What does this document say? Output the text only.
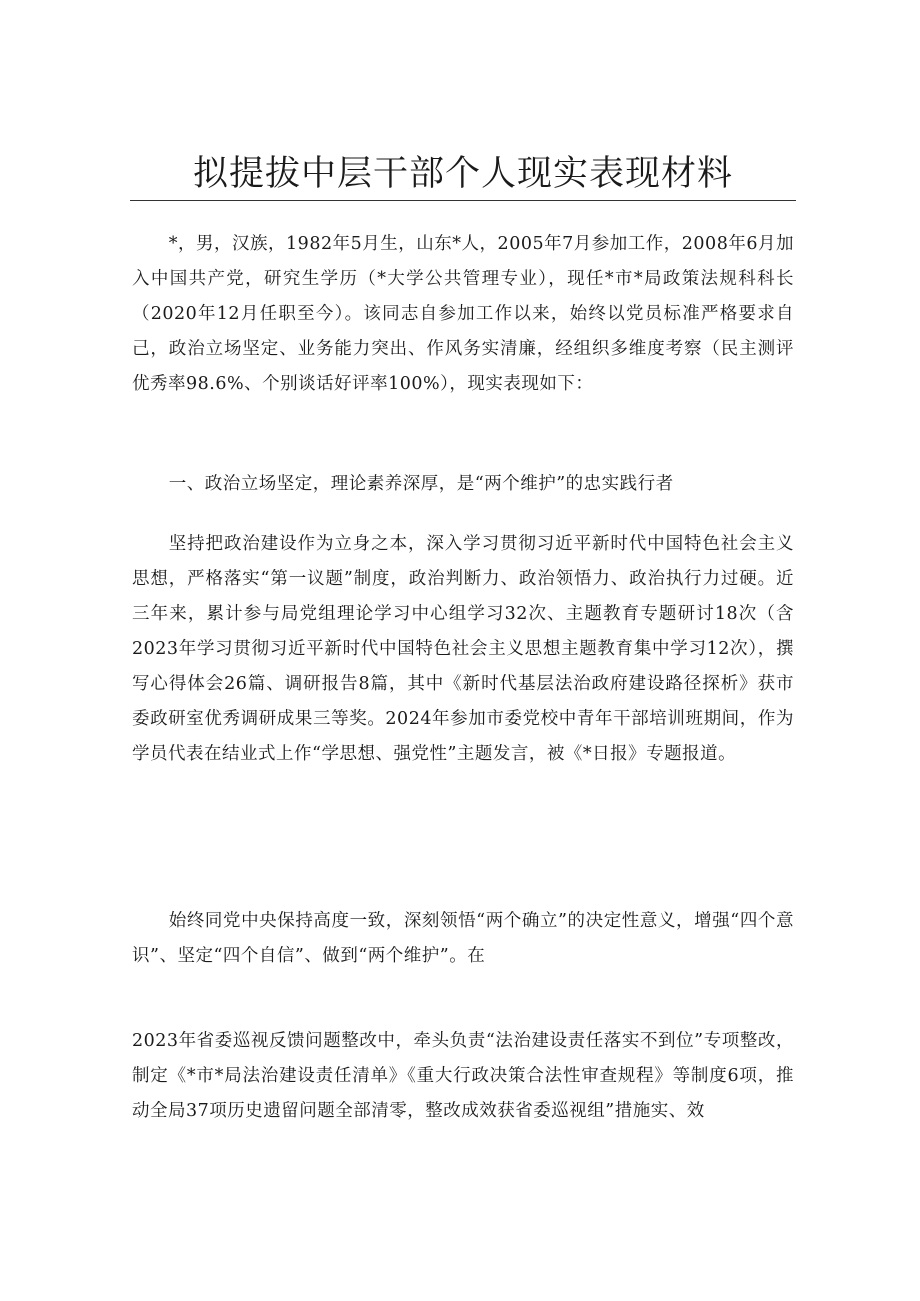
拟提拔中层干部个人现实表现材料

*，男，汉族，1982年5月生，山东*人，2005年7月参加工作，2008年6月加入中国共产党，研究生学历（*大学公共管理专业），现任*市*局政策法规科科长（2020年12月任职至今）。该同志自参加工作以来，始终以党员标准严格要求自己，政治立场坚定、业务能力突出、作风务实清廉，经组织多维度考察（民主测评优秀率98.6%、个别谈话好评率100%），现实表现如下：

一、政治立场坚定，理论素养深厚，是“两个维护”的忠实践行者

坚持把政治建设作为立身之本，深入学习贯彻习近平新时代中国特色社会主义思想，严格落实“第一议题”制度，政治判断力、政治领悟力、政治执行力过硬。近三年来，累计参与局党组理论学习中心组学习32次、主题教育专题研讨18次（含2023年学习贯彻习近平新时代中国特色社会主义思想主题教育集中学习12次），撰写心得体会26篇、调研报告8篇，其中《新时代基层法治政府建设路径探析》获市委政研室优秀调研成果三等奖。2024年参加市委党校中青年干部培训班期间，作为学员代表在结业式上作“学思想、强党性”主题发言，被《*日报》专题报道。

始终同党中央保持高度一致，深刻领悟“两个确立”的决定性意义，增强“四个意识”、坚定“四个自信”、做到“两个维护”。在

2023年省委巡视反馈问题整改中，牵头负责“法治建设责任落实不到位”专项整改，制定《*市*局法治建设责任清单》《重大行政决策合法性审查规程》等制度6项，推动全局37项历史遗留问题全部清零，整改成效获省委巡视组”措施实、效
